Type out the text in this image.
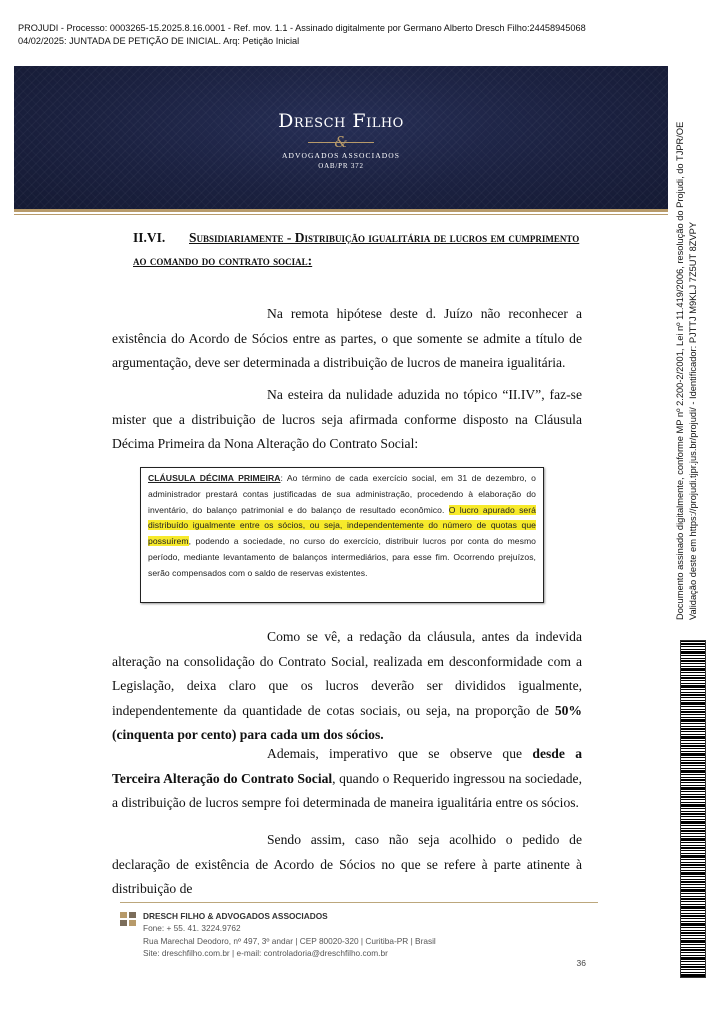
PROJUDI - Processo: 0003265-15.2025.8.16.0001 - Ref. mov. 1.1 - Assinado digitalmente por Germano Alberto Dresch Filho:24458945068
04/02/2025: JUNTADA DE PETIÇÃO DE INICIAL. Arq: Petição Inicial
Dresch Filho
&
ADVOGADOS ASSOCIADOS
OAB/PR 372	Documento assinado digitalmente, conforme MP nº 2.200-2/2001, Lei nº 11.419/2006, resolução do Projudi, do TJPR/OE Validação deste em https://projudi.tjpr.jus.br/projudi/ - Identificador: PJTTJ M9KLJ 7Z5UT 8ZVPY
II.VI. Subsidiariamente - Distribuição igualitária de lucros em cumprimento ao comando do contrato social:
Na remota hipótese deste d. Juízo não reconhecer a existência do Acordo de Sócios entre as partes, o que somente se admite a título de argumentação, deve ser determinada a distribuição de lucros de maneira igualitária.
Na esteira da nulidade aduzida no tópico “II.IV”, faz-se mister que a distribuição de lucros seja afirmada conforme disposto na Cláusula Décima Primeira da Nona Alteração do Contrato Social:
CLÁUSULA DÉCIMA PRIMEIRA: Ao término de cada exercício social, em 31 de dezembro, o administrador prestará contas justificadas de sua administração, procedendo à elaboração do inventário, do balanço patrimonial e do balanço de resultado econômico. O lucro apurado será distribuído igualmente entre os sócios, ou seja, independentemente do número de quotas que possuírem, podendo a sociedade, no curso do exercício, distribuir lucros por conta do mesmo período, mediante levantamento de balanços intermediários, para esse fim. Ocorrendo prejuízos, serão compensados com o saldo de reservas existentes.
Como se vê, a redação da cláusula, antes da indevida alteração na consolidação do Contrato Social, realizada em desconformidade com a Legislação, deixa claro que os lucros deverão ser divididos igualmente, independentemente da quantidade de cotas sociais, ou seja, na proporção de 50% (cinquenta por cento) para cada um dos sócios.
Ademais, imperativo que se observe que desde a Terceira Alteração do Contrato Social, quando o Requerido ingressou na sociedade, a distribuição de lucros sempre foi determinada de maneira igualitária entre os sócios.
Sendo assim, caso não seja acolhido o pedido de declaração de existência de Acordo de Sócios no que se refere à parte atinente à distribuição de
DRESCH FILHO & ADVOGADOS ASSOCIADOS
Fone: + 55. 41. 3224.9762
Rua Marechal Deodoro, nº 497, 3º andar | CEP 80020-320 | Curitiba-PR | Brasil
Site: dreschfilho.com.br | e-mail: controladoria@dreschfilho.com.br
36
